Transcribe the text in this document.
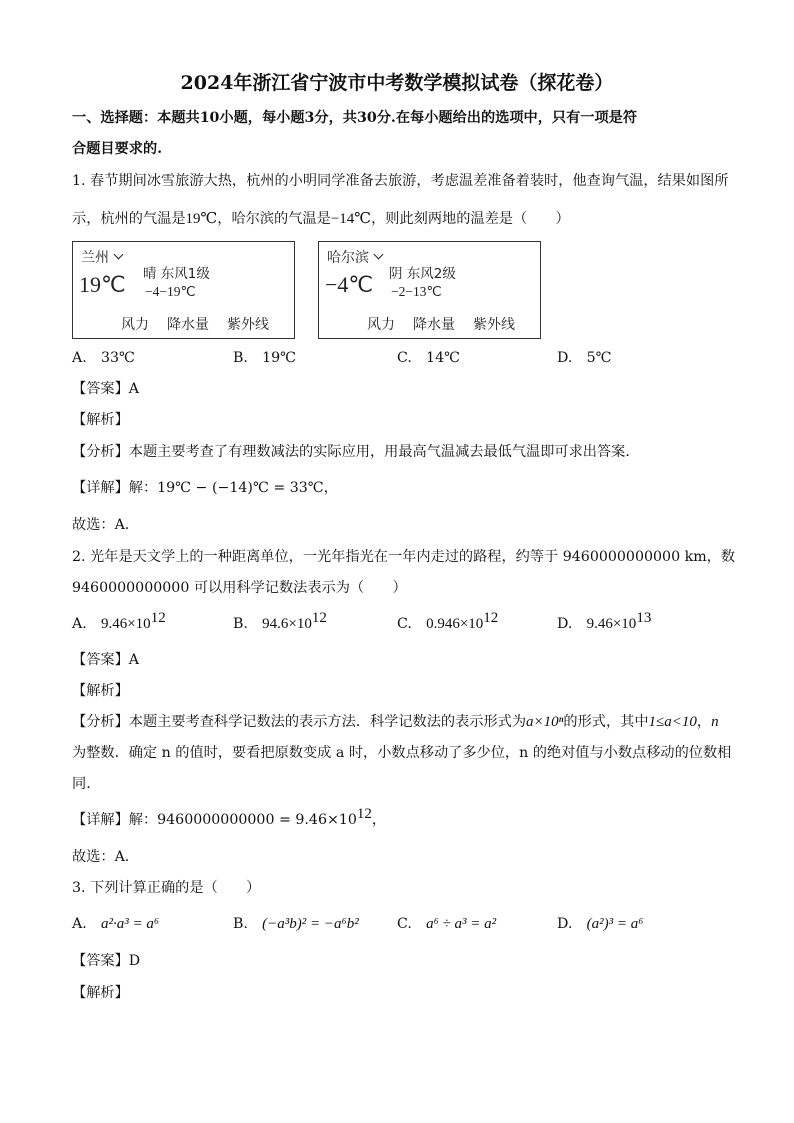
2024年浙江省宁波市中考数学模拟试卷（探花卷）
一、选择题：本题共10小题，每小题3分，共30分.在每小题给出的选项中，只有一项是符
合题目要求的.
1. 春节期间冰雪旅游大热，杭州的小明同学准备去旅游，考虑温差准备着装时，他查询气温，结果如图所
示，杭州的气温是19℃，哈尔滨的气温是−14℃，则此刻两地的温差是（　　）
兰州
19℃ 晴 东风1级
−4−19℃
风力 降水量 紫外线
哈尔滨
−4℃ 阴 东风2级
−2−13℃
风力 降水量 紫外线
A.　33℃	B.　19℃	C.　14℃	D.　5℃
【答案】A
【解析】
【分析】本题主要考查了有理数减法的实际应用，用最高气温减去最低气温即可求出答案．
【详解】解：19℃ − (−14)℃ = 33℃，
故选：A．
2. 光年是天文学上的一种距离单位，一光年指光在一年内走过的路程，约等于 9460000000000 km，数
9460000000000 可以用科学记数法表示为（　　）
A.　 $9.46\times 10^{12}$	B.　 $94.6\times 10^{12}$	C.　 $0.946\times 10^{12}$	D.　 $9.46\times 10^{13}$
【答案】A
【解析】
【分析】本题主要考查科学记数法的表示方法．科学记数法的表示形式为a×10ⁿ的形式，其中1≤a<10，n
为整数．确定 n 的值时，要看把原数变成 a 时，小数点移动了多少位，n 的绝对值与小数点移动的位数相
同．
【详解】解：$9460000000000 = 9.46\times 10^{12}$，
故选：A．
3. 下列计算正确的是（　　）
A.　 a²·a³ = a⁶	B.　 (−a³b)² = −a⁶b²	C.　 a⁶ ÷ a³ = a²	D.　 (a²)³ = a⁶
【答案】D
【解析】
